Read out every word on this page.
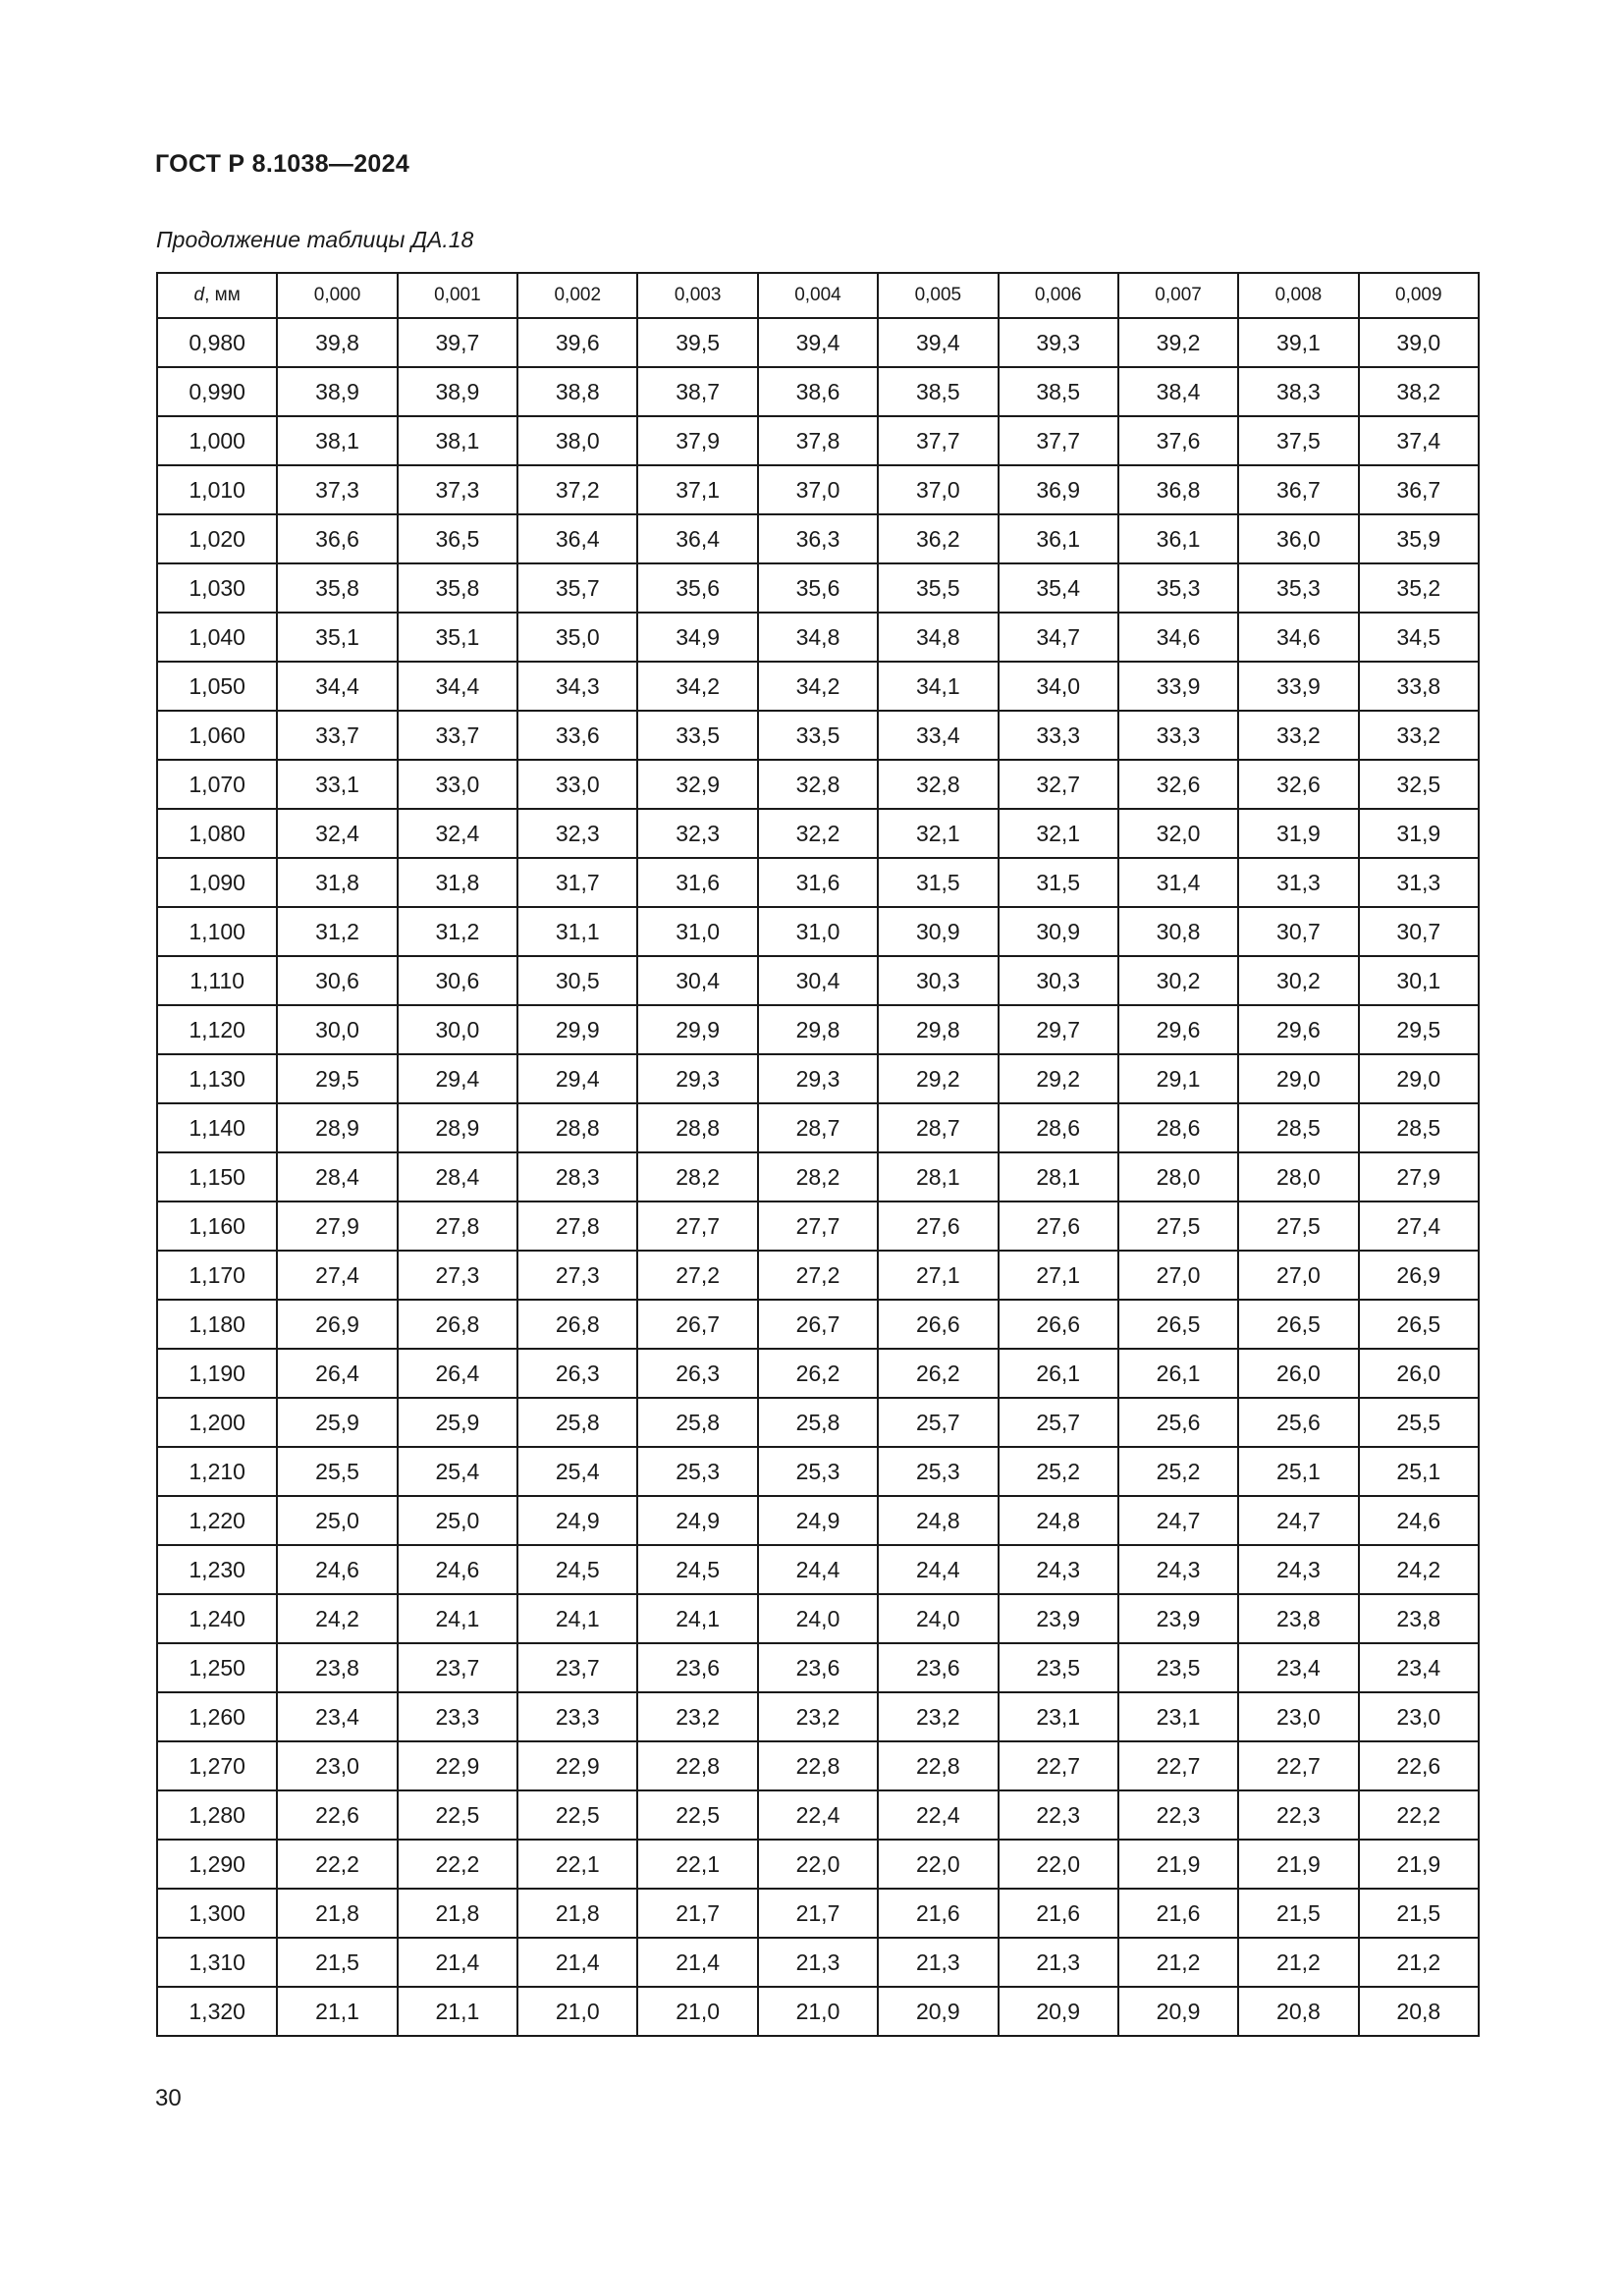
ГОСТ Р 8.1038—2024
Продолжение таблицы ДА.18
d, мм	0,000	0,001	0,002	0,003	0,004	0,005	0,006	0,007	0,008	0,009
0,980	39,8	39,7	39,6	39,5	39,4	39,4	39,3	39,2	39,1	39,0
0,990	38,9	38,9	38,8	38,7	38,6	38,5	38,5	38,4	38,3	38,2
1,000	38,1	38,1	38,0	37,9	37,8	37,7	37,7	37,6	37,5	37,4
1,010	37,3	37,3	37,2	37,1	37,0	37,0	36,9	36,8	36,7	36,7
1,020	36,6	36,5	36,4	36,4	36,3	36,2	36,1	36,1	36,0	35,9
1,030	35,8	35,8	35,7	35,6	35,6	35,5	35,4	35,3	35,3	35,2
1,040	35,1	35,1	35,0	34,9	34,8	34,8	34,7	34,6	34,6	34,5
1,050	34,4	34,4	34,3	34,2	34,2	34,1	34,0	33,9	33,9	33,8
1,060	33,7	33,7	33,6	33,5	33,5	33,4	33,3	33,3	33,2	33,2
1,070	33,1	33,0	33,0	32,9	32,8	32,8	32,7	32,6	32,6	32,5
1,080	32,4	32,4	32,3	32,3	32,2	32,1	32,1	32,0	31,9	31,9
1,090	31,8	31,8	31,7	31,6	31,6	31,5	31,5	31,4	31,3	31,3
1,100	31,2	31,2	31,1	31,0	31,0	30,9	30,9	30,8	30,7	30,7
1,110	30,6	30,6	30,5	30,4	30,4	30,3	30,3	30,2	30,2	30,1
1,120	30,0	30,0	29,9	29,9	29,8	29,8	29,7	29,6	29,6	29,5
1,130	29,5	29,4	29,4	29,3	29,3	29,2	29,2	29,1	29,0	29,0
1,140	28,9	28,9	28,8	28,8	28,7	28,7	28,6	28,6	28,5	28,5
1,150	28,4	28,4	28,3	28,2	28,2	28,1	28,1	28,0	28,0	27,9
1,160	27,9	27,8	27,8	27,7	27,7	27,6	27,6	27,5	27,5	27,4
1,170	27,4	27,3	27,3	27,2	27,2	27,1	27,1	27,0	27,0	26,9
1,180	26,9	26,8	26,8	26,7	26,7	26,6	26,6	26,5	26,5	26,5
1,190	26,4	26,4	26,3	26,3	26,2	26,2	26,1	26,1	26,0	26,0
1,200	25,9	25,9	25,8	25,8	25,8	25,7	25,7	25,6	25,6	25,5
1,210	25,5	25,4	25,4	25,3	25,3	25,3	25,2	25,2	25,1	25,1
1,220	25,0	25,0	24,9	24,9	24,9	24,8	24,8	24,7	24,7	24,6
1,230	24,6	24,6	24,5	24,5	24,4	24,4	24,3	24,3	24,3	24,2
1,240	24,2	24,1	24,1	24,1	24,0	24,0	23,9	23,9	23,8	23,8
1,250	23,8	23,7	23,7	23,6	23,6	23,6	23,5	23,5	23,4	23,4
1,260	23,4	23,3	23,3	23,2	23,2	23,2	23,1	23,1	23,0	23,0
1,270	23,0	22,9	22,9	22,8	22,8	22,8	22,7	22,7	22,7	22,6
1,280	22,6	22,5	22,5	22,5	22,4	22,4	22,3	22,3	22,3	22,2
1,290	22,2	22,2	22,1	22,1	22,0	22,0	22,0	21,9	21,9	21,9
1,300	21,8	21,8	21,8	21,7	21,7	21,6	21,6	21,6	21,5	21,5
1,310	21,5	21,4	21,4	21,4	21,3	21,3	21,3	21,2	21,2	21,2
1,320	21,1	21,1	21,0	21,0	21,0	20,9	20,9	20,9	20,8	20,8
30
